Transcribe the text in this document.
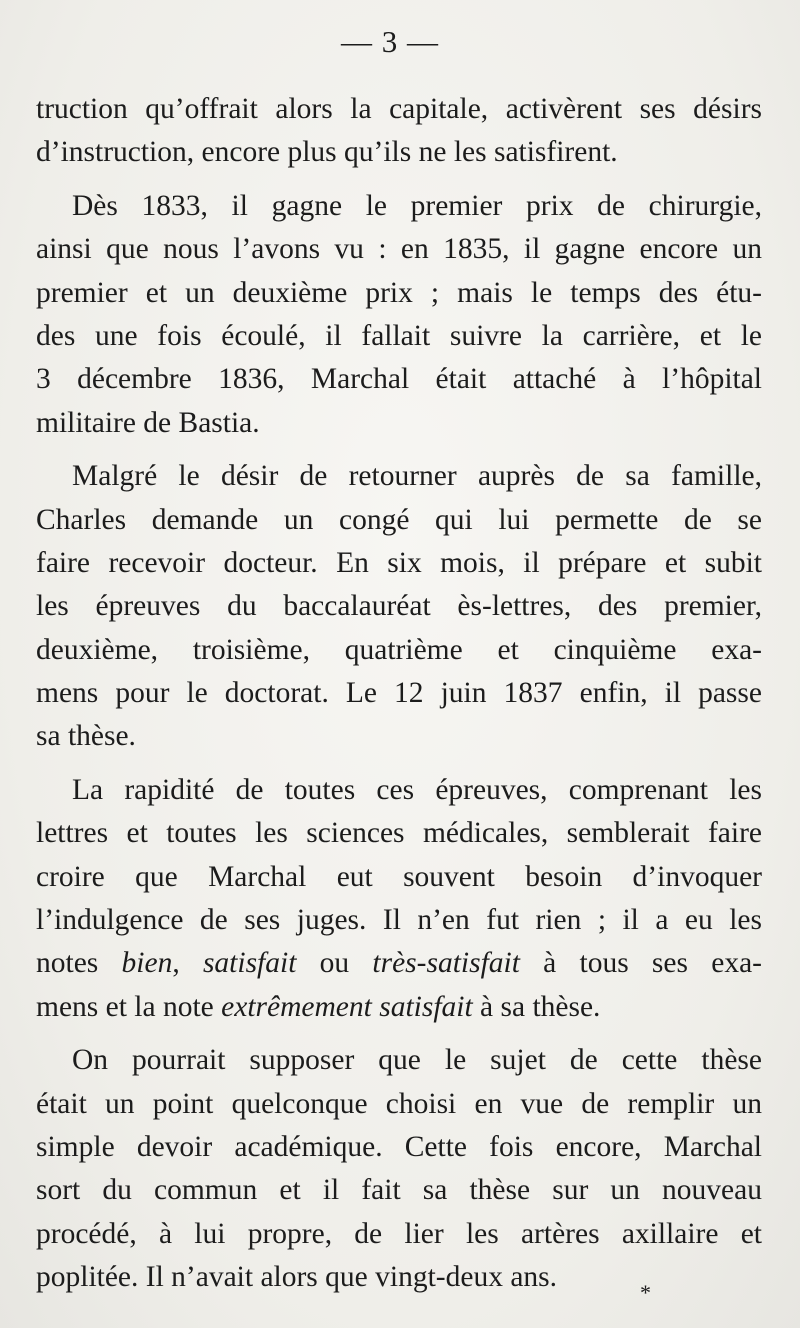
— 3 —
truction qu’offrait alors la capitale, activèrent ses désirs
d’instruction, encore plus qu’ils ne les satisfirent.
Dès 1833, il gagne le premier prix de chirurgie,
ainsi que nous l’avons vu : en 1835, il gagne encore un
premier et un deuxième prix ; mais le temps des étu-
des une fois écoulé, il fallait suivre la carrière, et le
3 décembre 1836, Marchal était attaché à l’hôpital
militaire de Bastia.
Malgré le désir de retourner auprès de sa famille,
Charles demande un congé qui lui permette de se
faire recevoir docteur. En six mois, il prépare et subit
les épreuves du baccalauréat ès-lettres, des premier,
deuxième, troisième, quatrième et cinquième exa-
mens pour le doctorat. Le 12 juin 1837 enfin, il passe
sa thèse.
La rapidité de toutes ces épreuves, comprenant les
lettres et toutes les sciences médicales, semblerait faire
croire que Marchal eut souvent besoin d’invoquer
l’indulgence de ses juges. Il n’en fut rien ; il a eu les
notes bien, satisfait ou très-satisfait à tous ses exa-
mens et la note extrêmement satisfait à sa thèse.
On pourrait supposer que le sujet de cette thèse
était un point quelconque choisi en vue de remplir un
simple devoir académique. Cette fois encore, Marchal
sort du commun et il fait sa thèse sur un nouveau
procédé, à lui propre, de lier les artères axillaire et
poplitée. Il n’avait alors que vingt-deux ans.	*
